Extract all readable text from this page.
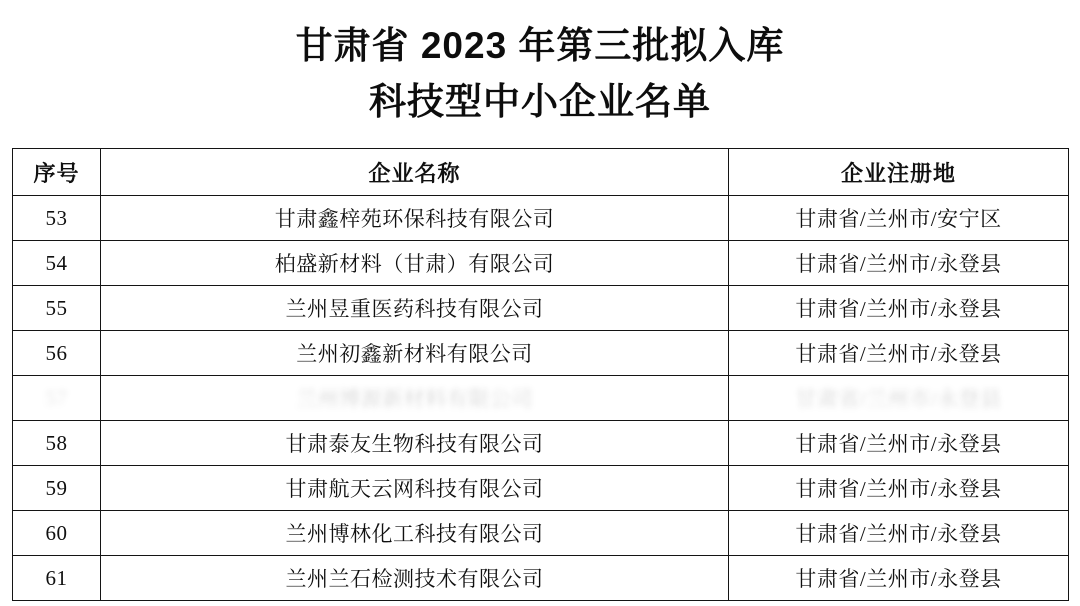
甘肃省 2023 年第三批拟入库
科技型中小企业名单
序号	企业名称	企业注册地
53	甘肃鑫梓苑环保科技有限公司	甘肃省/兰州市/安宁区
54	柏盛新材料（甘肃）有限公司	甘肃省/兰州市/永登县
55	兰州昱重医药科技有限公司	甘肃省/兰州市/永登县
56	兰州初鑫新材料有限公司	甘肃省/兰州市/永登县
57	兰州博源新材料有限公司	甘肃省/兰州市/永登县
58	甘肃泰友生物科技有限公司	甘肃省/兰州市/永登县
59	甘肃航天云网科技有限公司	甘肃省/兰州市/永登县
60	兰州博林化工科技有限公司	甘肃省/兰州市/永登县
61	兰州兰石检测技术有限公司	甘肃省/兰州市/永登县
